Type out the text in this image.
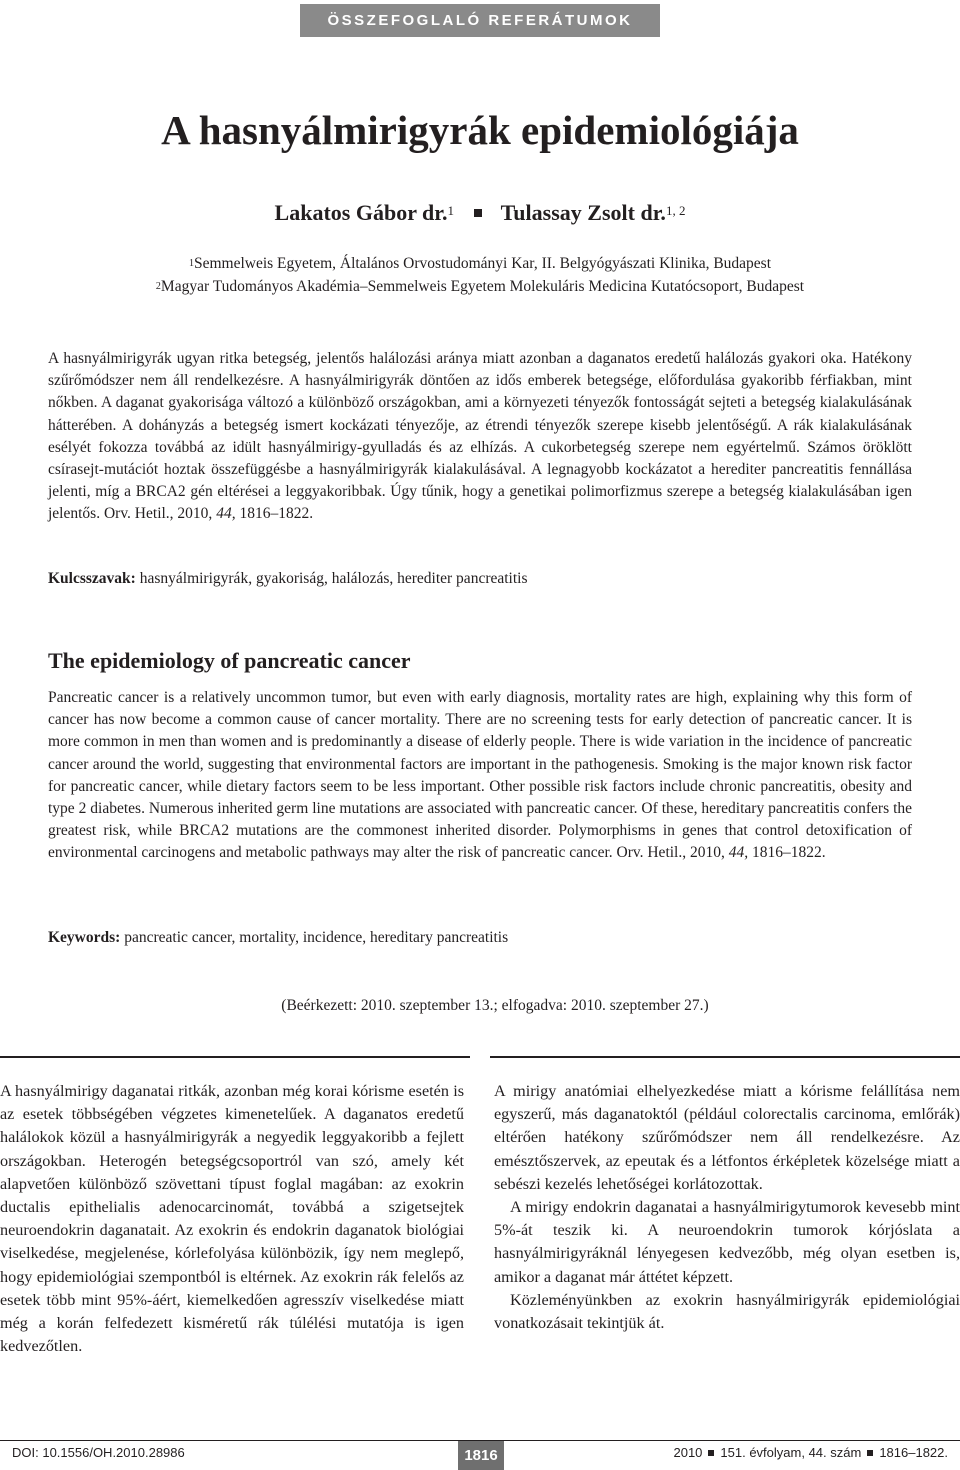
ÖSSZEFOGLALÓ REFERÁTUMOK
A hasnyálmirigyrák epidemiológiája
Lakatos Gábor dr.$^1$ Tulassay Zsolt dr.$^{1, 2}$
$^1$Semmelweis Egyetem, Általános Orvostudományi Kar, II. Belgyógyászati Klinika, Budapest
$^2$Magyar Tudományos Akadémia–Semmelweis Egyetem Molekuláris Medicina Kutatócsoport, Budapest
A hasnyálmirigyrák ugyan ritka betegség, jelentős halálozási aránya miatt azonban a daganatos eredetű halálozás gyakori oka. Hatékony szűrőmódszer nem áll rendelkezésre. A hasnyálmirigyrák döntően az idős emberek betegsége, előfordulása gyakoribb férfiakban, mint nőkben. A daganat gyakorisága változó a különböző országokban, ami a környezeti tényezők fontosságát sejteti a betegség kialakulásának hátterében. A dohányzás a betegség ismert kockázati tényezője, az étrendi tényezők szerepe kisebb jelentőségű. A rák kialakulásának esélyét fokozza továbbá az idült hasnyálmirigy-gyulladás és az elhízás. A cukorbetegség szerepe nem egyértelmű. Számos öröklött csírasejt-mutációt hoztak összefüggésbe a hasnyálmirigyrák kialakulásával. A legnagyobb kockázatot a herediter pancreatitis fennállása jelenti, míg a BRCA2 gén eltérései a leggyakoribbak. Úgy tűnik, hogy a genetikai polimorfizmus szerepe a betegség kialakulásában igen jelentős. Orv. Hetil., 2010, 44, 1816–1822.
Kulcsszavak: hasnyálmirigyrák, gyakoriság, halálozás, herediter pancreatitis
The epidemiology of pancreatic cancer
Pancreatic cancer is a relatively uncommon tumor, but even with early diagnosis, mortality rates are high, explaining why this form of cancer has now become a common cause of cancer mortality. There are no screening tests for early detection of pancreatic cancer. It is more common in men than women and is predominantly a disease of elderly people. There is wide variation in the incidence of pancreatic cancer around the world, suggesting that environmental factors are important in the pathogenesis. Smoking is the major known risk factor for pancreatic cancer, while dietary factors seem to be less important. Other possible risk factors include chronic pancreatitis, obesity and type 2 diabetes. Numerous inherited germ line mutations are associated with pancreatic cancer. Of these, hereditary pancreatitis confers the greatest risk, while BRCA2 mutations are the commonest inherited disorder. Polymorphisms in genes that control detoxification of environmental carcinogens and metabolic pathways may alter the risk of pancreatic cancer. Orv. Hetil., 2010, 44, 1816–1822.
Keywords: pancreatic cancer, mortality, incidence, hereditary pancreatitis
(Beérkezett: 2010. szeptember 13.; elfogadva: 2010. szeptember 27.)

A hasnyálmirigy daganatai ritkák, azonban még korai kórisme esetén is az esetek többségében végzetes kimenetelűek. A daganatos eredetű halálokok közül a hasnyálmirigyrák a negyedik leggyakoribb a fejlett országokban. Heterogén betegségcsoportról van szó, amely két alapvetően különböző szövettani típust foglal magában: az exokrin ductalis epithelialis adenocarcinomát, továbbá a szigetsejtek neuroendokrin daganatait. Az exokrin és endokrin daganatok biológiai viselkedése, megjelenése, kórlefolyása különbözik, így nem meglepő, hogy epidemiológiai szempontból is eltérnek. Az exokrin rák felelős az esetek több mint 95%-áért, kiemelkedően agresszív viselkedése miatt még a korán felfedezett kisméretű rák túlélési mutatója is igen kedvezőtlen.

A mirigy anatómiai elhelyezkedése miatt a kórisme felállítása nem egyszerű, más daganatoktól (például colorectalis carcinoma, emlőrák) eltérően hatékony szűrőmódszer nem áll rendelkezésre. Az emésztőszervek, az epeutak és a létfontos érképletek közelsége miatt a sebészi kezelés lehetőségei korlátozottak.

A mirigy endokrin daganatai a hasnyálmirigytumorok kevesebb mint 5%-át teszik ki. A neuroendokrin tumorok kórjóslata a hasnyálmirigyráknál lényegesen kedvezőbb, még olyan esetben is, amikor a daganat már áttétet képzett.

Közleményünkben az exokrin hasnyálmirigyrák epidemiológiai vonatkozásait tekintjük át.

DOI: 10.1556/OH.2010.28986	1816	2010 151. évfolyam, 44. szám 1816–1822.
